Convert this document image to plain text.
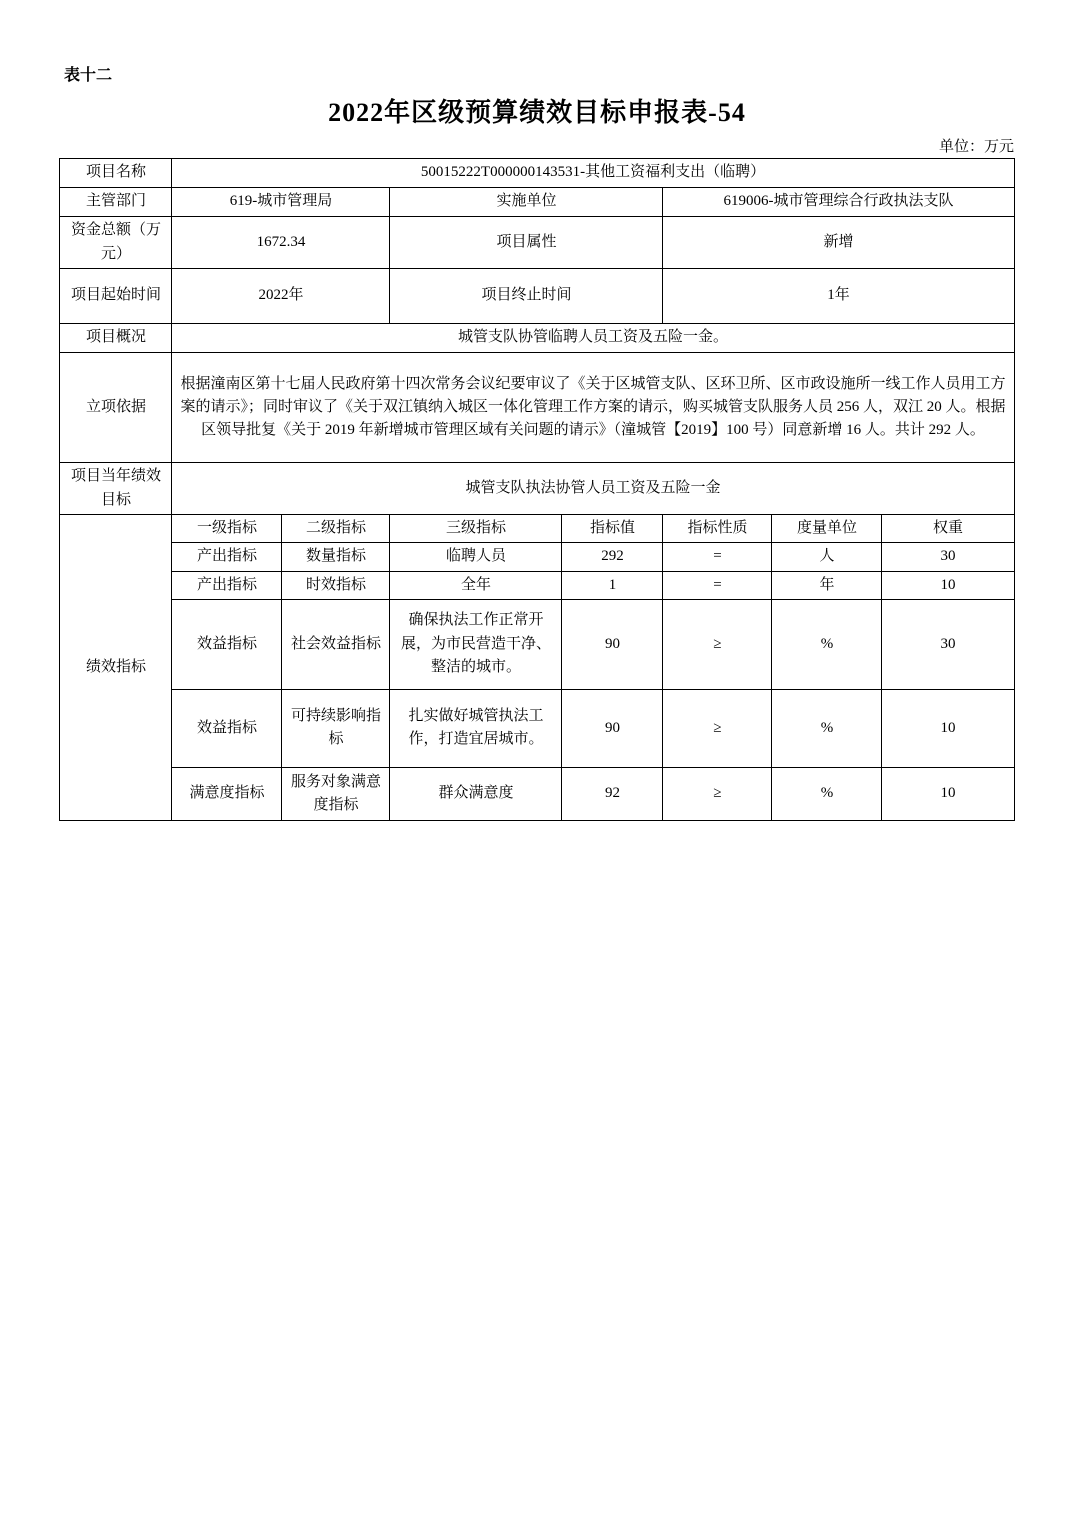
表十二
2022年区级预算绩效目标申报表-54
单位：万元
项目名称	50015222T000000143531-其他工资福利支出（临聘）						
主管部门	619-城市管理局		实施单位		619006-城市管理综合行政执法支队		
资金总额（万元）	1672.34		项目属性		新增		
项目起始时间	2022年		项目终止时间		1年		
项目概况	城管支队协管临聘人员工资及五险一金。						
立项依据	根据潼南区第十七届人民政府第十四次常务会议纪要审议了《关于区城管支队、区环卫所、区市政设施所一线工作人员用工方案的请示》；同时审议了《关于双江镇纳入城区一体化管理工作方案的请示，购买城管支队服务人员 256 人，双江 20 人。根据区领导批复《关于 2019 年新增城市管理区域有关问题的请示》（潼城管【2019】100 号）同意新增 16 人。共计 292 人。						
项目当年绩效目标	城管支队执法协管人员工资及五险一金						
绩效指标	一级指标	二级指标	三级指标	指标值	指标性质	度量单位	权重
	产出指标	数量指标	临聘人员	292	=	人	30
	产出指标	时效指标	全年	1	=	年	10
	效益指标	社会效益指标	确保执法工作正常开展，为市民营造干净、整洁的城市。	90	≥	%	30
	效益指标	可持续影响指标	扎实做好城管执法工作，打造宜居城市。	90	≥	%	10
	满意度指标	服务对象满意度指标	群众满意度	92	≥	%	10
